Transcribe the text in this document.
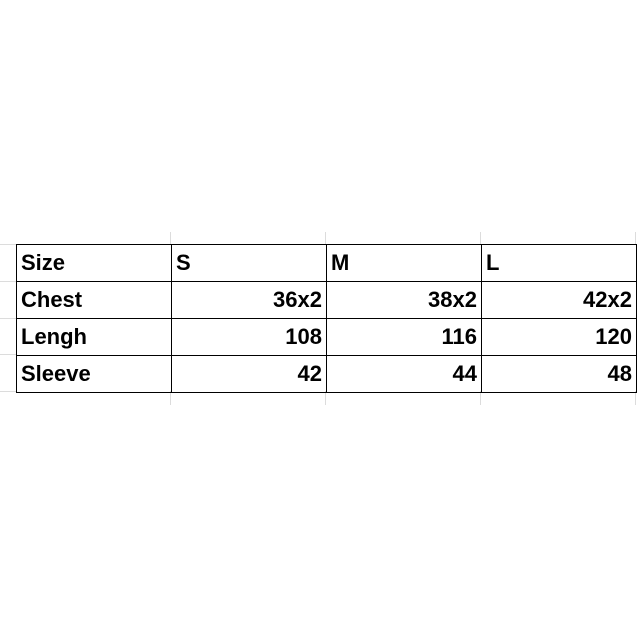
Size	S	M	L
Chest	36x2	38x2	42x2
Lengh	108	116	120
Sleeve	42	44	48
